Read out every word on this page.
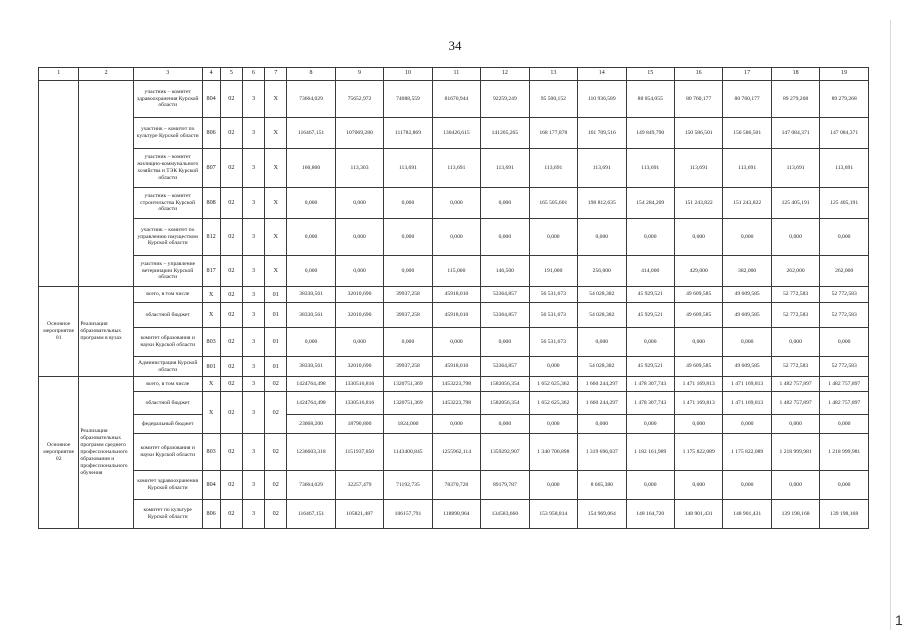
34
1
1	2	3	4	5	6	7	8	9	10	11	12	13	14	15	16	17	18	19
		участник – комитет здравоохранения Курской области	804	02	3	X	73664,029	75652,972	74088,559	81670,944	92259,249	95 500,152	110 936,589	88 054,055	80 760,177	80 760,177	89 279,268	89 279,268
		участник – комитет по культуре Курской области	806	02	3	X	116467,151	107069,280	111782,869	130426,615	141205,265	168 177,878	161 709,516	149 849,790	150 586,501	150 586,501	147 084,371	147 084,371
		участник – комитет жилищно-коммунального хозяйства и ТЭК Курской области	807	02	3	X	160,800	113,303	113,691	113,691	113,691	113,691	113,691	113,691	113,691	113,691	113,691	113,691
		участник – комитет строительства Курской области	808	02	3	X	0,000	0,000	0,000	0,000	0,000	165 505,601	198 812,635	154 284,209	151 243,822	151 243,822	125 405,191	125 405,191
		участник – комитет по управлению имуществом Курской области	812	02	3	X	0,000	0,000	0,000	0,000	0,000	0,000	0,000	0,000	0,000	0,000	0,000	0,000
		участник – управление ветеринарии Курской области	817	02	3	X	0,000	0,000	0,000	115,000	146,500	191,000	256,000	414,000	429,000	382,000	262,000	262,000
Основное мероприятие 01	Реализация образовательных программ в вузах	всего, в том числе	X	02	3	01	38330,561	32010,690	39937,258	45918,010	53364,857	56 531,673	54 028,382	45 929,521	49 609,585	49 609,585	52 772,583	52 772,583
		областной бюджет	X	02	3	01	38330,561	32010,690	39937,258	45918,010	53364,857	56 531,673	54 028,382	45 929,521	49 609,585	49 609,585	52 772,583	52 772,583
		комитет образования и науки Курской области	803	02	3	01	0,000	0,000	0,000	0,000	0,000	56 531,673	0,000	0,000	0,000	0,000	0,000	0,000
		Администрация Курской области	801	02	3	01	38330,561	32010,690	39937,258	45918,010	53364,857	0,000	54 028,382	45 929,521	49 609,585	49 609,585	52 772,583	52 772,583
Основное мероприятие 02	Реализация образовательных программ среднего профессионального образования и профессионального обучения	всего, в том числе	X	02	3	02	1424764,498	1330516,816	1320751,369	1453223,798	1582056,354	1 652 625,362	1 660 244,297	1 478 307,743	1 471 169,813	1 471 169,813	1 482 757,897	1 482 757,897
		областной бюджет	X	02	3	02	1424764,498	1330516,816	1320751,369	1453223,798	1582056,354	1 652 625,362	1 660 244,297	1 478 307,743	1 471 169,813	1 471 169,813	1 482 757,897	1 482 757,897
		федеральный бюджет					23068,200	18790,800	1824,000	0,000	0,000	0,000	0,000	0,000	0,000	0,000	0,000	0,000
		комитет образования и науки Курской области	803	02	3	02	1236603,318	1151937,850	1143400,845	1255962,114	1359292,907	1 340 700,898	1 319 696,037	1 182 161,989	1 175 822,089	1 175 822,089	1 218 999,981	1 218 999,981
		комитет здравоохранения Курской области	804	02	3	02	73664,029	32257,479	71192,735	78370,720	89179,787	0,000	8 665,380	0,000	0,000	0,000	0,000	0,000
		комитет по культуре Курской области	806	02	3	02	116467,151	105821,487	106157,791	118890,964	134583,660	153 958,814	154 969,064	148 164,720	148 901,431	148 901,431	139 198,168	139 198,168
